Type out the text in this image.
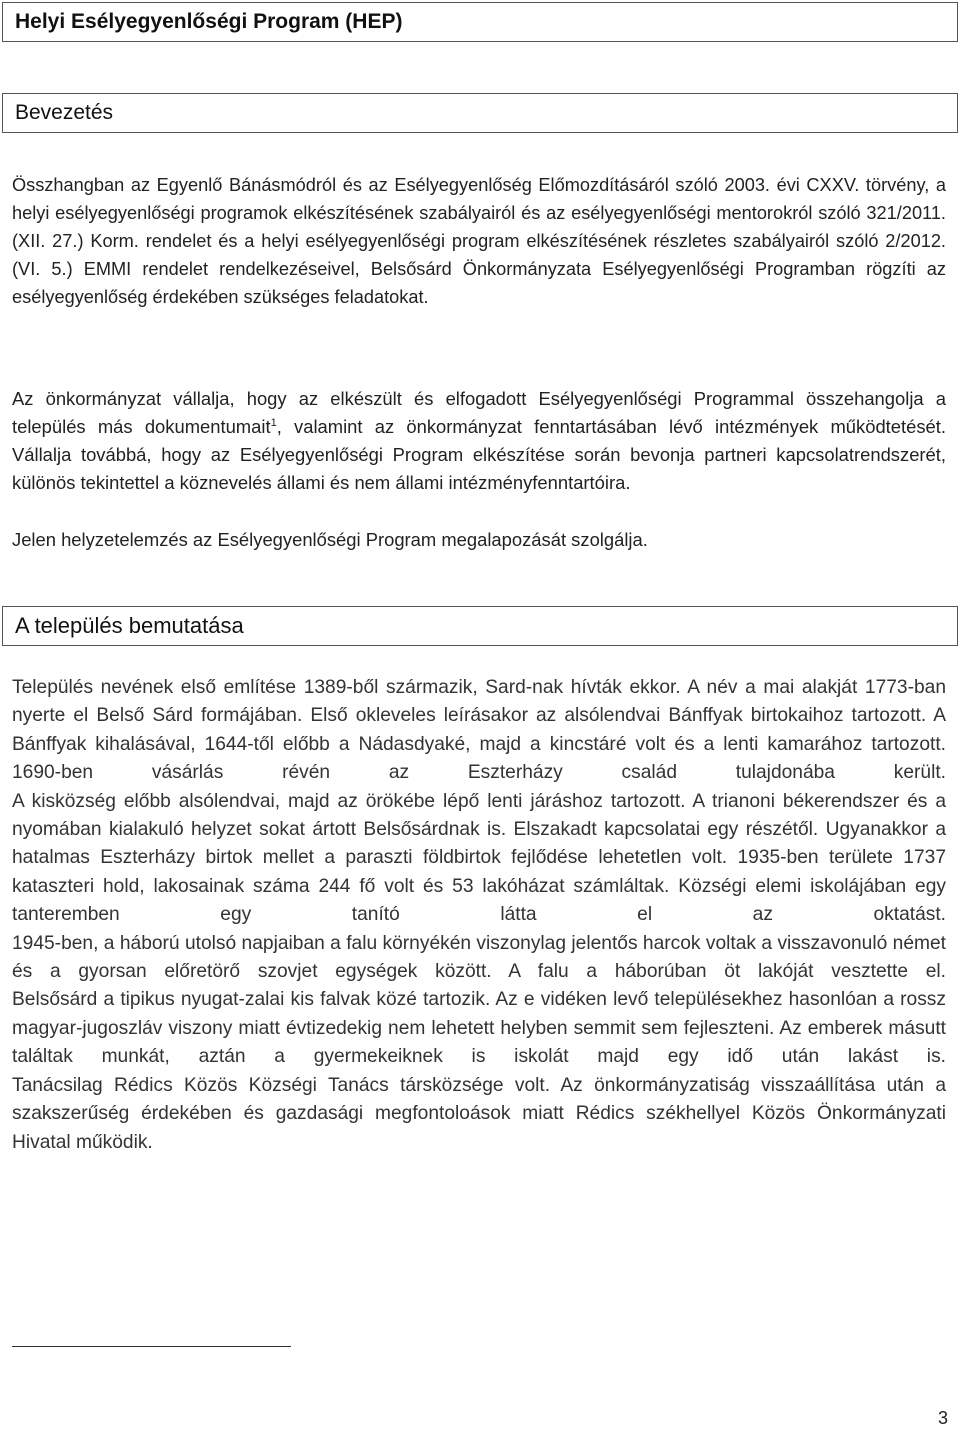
Helyi Esélyegyenlőségi Program (HEP)
Bevezetés

Összhangban az Egyenlő Bánásmódról és az Esélyegyenlőség Előmozdításáról szóló 2003. évi CXXV. törvény, a helyi esélyegyenlőségi programok elkészítésének szabályairól és az esélyegyenlőségi mentorokról szóló 321/2011. (XII. 27.) Korm. rendelet és a helyi esélyegyenlőségi program elkészítésének részletes szabályairól szóló 2/2012. (VI. 5.) EMMI rendelet rendelkezéseivel, Belsősárd Önkormányzata Esélyegyenlőségi Programban rögzíti az esélyegyenlőség érdekében szükséges feladatokat.

Az önkormányzat vállalja, hogy az elkészült és elfogadott Esélyegyenlőségi Programmal összehangolja a település más dokumentumait$^1$, valamint az önkormányzat fenntartásában lévő intézmények működtetését. Vállalja továbbá, hogy az Esélyegyenlőségi Program elkészítése során bevonja partneri kapcsolatrendszerét, különös tekintettel a köznevelés állami és nem állami intézményfenntartóira.

Jelen helyzetelemzés az Esélyegyenlőségi Program megalapozását szolgálja.

A település bemutatása
Település nevének első említése 1389-ből származik, Sard-nak hívták ekkor. A név a mai alakját 1773-ban nyerte el Belső Sárd formájában. Első okleveles leírásakor az alsólendvai Bánffyak birtokaihoz tartozott. A Bánffyak kihalásával, 1644-től előbb a Nádasdyaké, majd a kincstáré volt és a lenti kamarához tartozott. 1690-ben vásárlás révén az Eszterházy család tulajdonába került.
A kisközség előbb alsólendvai, majd az örökébe lépő lenti járáshoz tartozott. A trianoni békerendszer és a nyomában kialakuló helyzet sokat ártott Belsősárdnak is. Elszakadt kapcsolatai egy részétől. Ugyanakkor a hatalmas Eszterházy birtok mellet a paraszti földbirtok fejlődése lehetetlen volt. 1935-ben területe 1737 kataszteri hold, lakosainak száma 244 fő volt és 53 lakóházat számláltak. Községi elemi iskolájában egy tanteremben egy tanító látta el az oktatást.
1945-ben, a háború utolsó napjaiban a falu környékén viszonylag jelentős harcok voltak a visszavonuló német és a gyorsan előretörő szovjet egységek között. A falu a háborúban öt lakóját vesztette el.
Belsősárd a tipikus nyugat-zalai kis falvak közé tartozik. Az e vidéken levő településekhez hasonlóan a rossz magyar-jugoszláv viszony miatt évtizedekig nem lehetett helyben semmit sem fejleszteni. Az emberek másutt találtak munkát, aztán a gyermekeiknek is iskolát majd egy idő után lakást is.
Tanácsilag Rédics Közös Községi Tanács társközsége volt. Az önkormányzatiság visszaállítása után a szakszerűség érdekében és gazdasági megfontoloások miatt Rédics székhellyel Közös Önkormányzati Hivatal működik.
3
